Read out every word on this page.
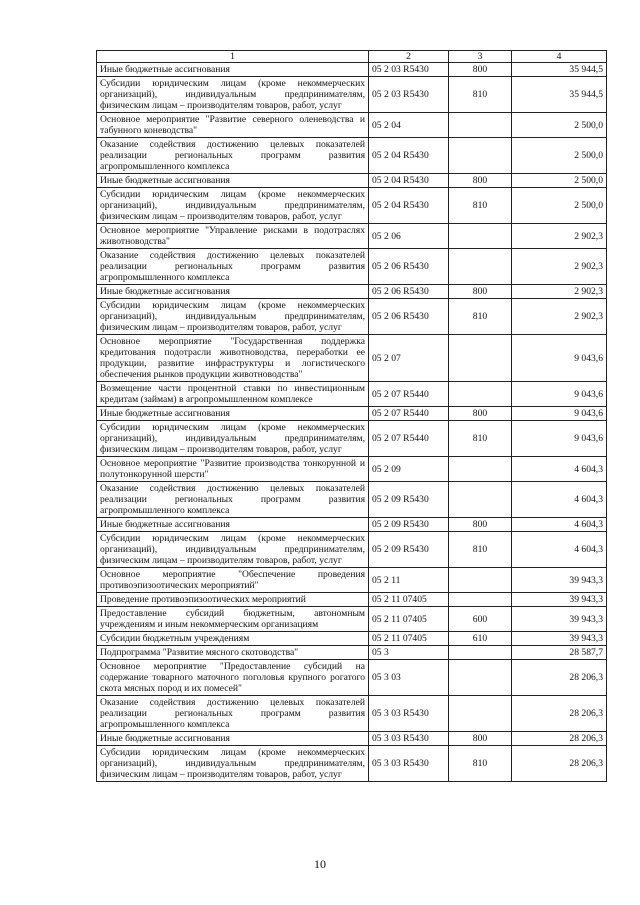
1	2	3	4
Иные бюджетные ассигнования	05 2 03 R5430	800	35 944,5
Субсидии юридическим лицам (кроме некоммерческих организаций), индивидуальным предпринимателям, физическим лицам – производителям товаров, работ, услуг	05 2 03 R5430	810	35 944,5
Основное мероприятие "Развитие северного оленеводства и табунного коневодства"	05 2 04		2 500,0
Оказание содействия достижению целевых показателей реализации региональных программ развития агропромышленного комплекса	05 2 04 R5430		2 500,0
Иные бюджетные ассигнования	05 2 04 R5430	800	2 500,0
Субсидии юридическим лицам (кроме некоммерческих организаций), индивидуальным предпринимателям, физическим лицам – производителям товаров, работ, услуг	05 2 04 R5430	810	2 500,0
Основное мероприятие "Управление рисками в подотраслях животноводства"	05 2 06		2 902,3
Оказание содействия достижению целевых показателей реализации региональных программ развития агропромышленного комплекса	05 2 06 R5430		2 902,3
Иные бюджетные ассигнования	05 2 06 R5430	800	2 902,3
Субсидии юридическим лицам (кроме некоммерческих организаций), индивидуальным предпринимателям, физическим лицам – производителям товаров, работ, услуг	05 2 06 R5430	810	2 902,3
Основное мероприятие "Государственная поддержка кредитования подотрасли животноводства, переработки ее продукции, развитие инфраструктуры и логистического обеспечения рынков продукции животноводства"	05 2 07		9 043,6
Возмещение части процентной ставки по инвестиционным кредитам (займам) в агропромышленном комплексе	05 2 07 R5440		9 043,6
Иные бюджетные ассигнования	05 2 07 R5440	800	9 043,6
Субсидии юридическим лицам (кроме некоммерческих организаций), индивидуальным предпринимателям, физическим лицам – производителям товаров, работ, услуг	05 2 07 R5440	810	9 043,6
Основное мероприятие "Развитие производства тонкорунной и полутонкорунной шерсти"	05 2 09		4 604,3
Оказание содействия достижению целевых показателей реализации региональных программ развития агропромышленного комплекса	05 2 09 R5430		4 604,3
Иные бюджетные ассигнования	05 2 09 R5430	800	4 604,3
Субсидии юридическим лицам (кроме некоммерческих организаций), индивидуальным предпринимателям, физическим лицам – производителям товаров, работ, услуг	05 2 09 R5430	810	4 604,3
Основное мероприятие "Обеспечение проведения противоэпизоотических мероприятий"	05 2 11		39 943,3
Проведение противоэпизоотических мероприятий	05 2 11 07405		39 943,3
Предоставление субсидий бюджетным, автономным учреждениям и иным некоммерческим организациям	05 2 11 07405	600	39 943,3
Субсидии бюджетным учреждениям	05 2 11 07405	610	39 943,3
Подпрограмма "Развитие мясного скотоводства"	05 3		28 587,7
Основное мероприятие "Предоставление субсидий на содержание товарного маточного поголовья крупного рогатого скота мясных пород и их помесей"	05 3 03		28 206,3
Оказание содействия достижению целевых показателей реализации региональных программ развития агропромышленного комплекса	05 3 03 R5430		28 206,3
Иные бюджетные ассигнования	05 3 03 R5430	800	28 206,3
Субсидии юридическим лицам (кроме некоммерческих организаций), индивидуальным предпринимателям, физическим лицам – производителям товаров, работ, услуг	05 3 03 R5430	810	28 206,3
10
